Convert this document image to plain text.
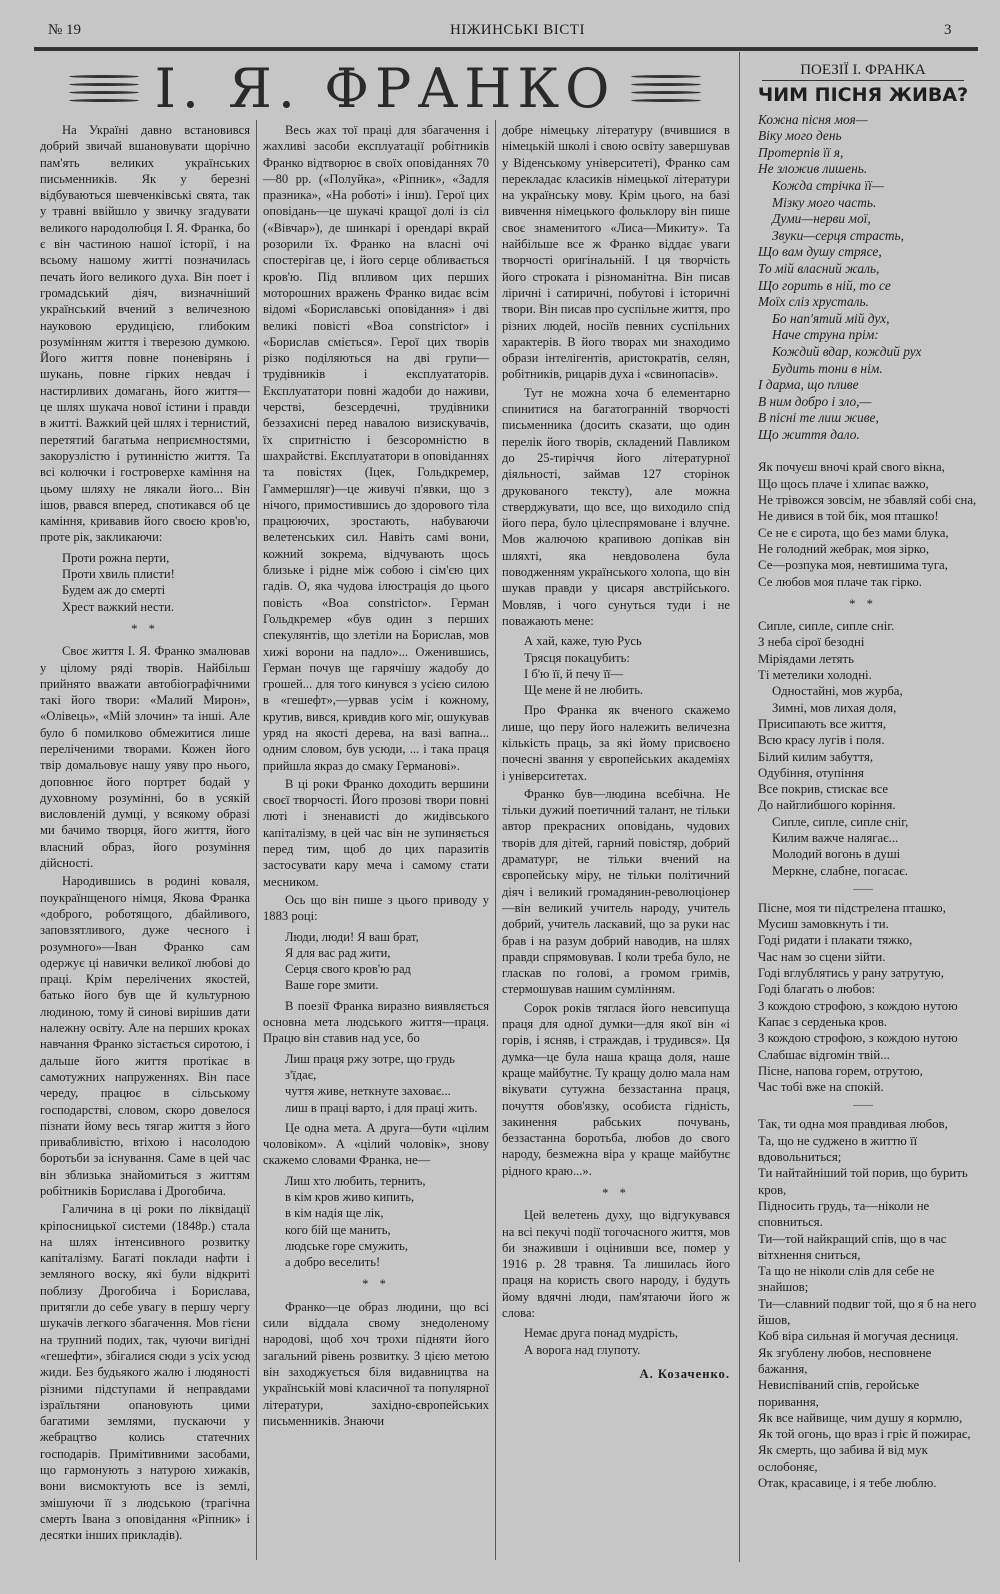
№ 19	НІЖИНСЬКІ ВІСТІ	3
І. Я. ФРАНКО

На Україні давно встановився добрий звичай вшановувати щорічно пам'ять великих українських письменників. Як у березні відбуваються шевченківські свята, так у травні ввійшло у звичку згадувати великого народолюбця І. Я. Франка, бо є він частиною нашої історії, і на всьому нашому житті позначилась печать його великого духа. Він поет і громадський діяч, визначніший український вчений з величезною науковою ерудицією, глибоким розумінням життя і тверезою думкою. Його життя повне поневірянь і шукань, повне гірких невдач і настирливих домагань, його життя—це шлях шукача нової істини і правди в житті. Важкий цей шлях і тернистий, перетятий багатьма неприємностями, закорузлістю і рутинністю життя. Та всі колючки і гостроверхе каміння на цьому шляху не лякали його... Він ішов, рвався вперед, спотикався об це каміння, кривавив його своєю кров'ю, проте рік, закликаючи:

Проти рожна перти,
Проти хвиль плисти!
Будем аж до смерті
Хрест важкий нести.
* *

Своє життя І. Я. Франко змалював у цілому ряді творів. Найбільш прийнято вважати автобіографічними такі його твори: «Малий Мирон», «Олівець», «Мій злочин» та інші. Але було б помилково обмежитися лише переліченими творами. Кожен його твір домальовує нашу уяву про нього, доповнює його портрет бодай у духовному розумінні, бо в усякій висловленій думці, у всякому образі ми бачимо творця, його життя, його власний образ, його розуміння дійсності.

Народившись в родині коваля, поукраїнщеного німця, Якова Франка «доброго, роботящого, дбайливого, заповзятливого, дуже чесного і розумного»—Іван Франко сам одержує ці навички великої любові до праці. Крім перелічених якостей, батько його був ще й культурною людиною, тому й синові вирішив дати належну освіту. Але на перших кроках навчання Франко зістається сиротою, і дальше його життя протікає в самотужних напруженнях. Він пасе череду, працює в сільському господарстві, словом, скоро довелося пізнати йому весь тягар життя з його привабливістю, втіхою і насолодою боротьби за існування. Саме в цей час він зблизька знайомиться з життям робітників Борислава і Дрогобича.

Галичина в ці роки по ліквідації кріпосницької системи (1848р.) стала на шлях інтенсивного розвитку капіталізму. Багаті поклади нафти і земляного воску, які були відкриті поблизу Дрогобича і Борислава, притягли до себе увагу в першу чергу шукачів легкого збагачення. Мов гієни на трупний подих, так, чуючи вигідні «гешефти», збігалися сюди з усіх усюд жиди. Без будьякого жалю і людяності різними підступами й неправдами ізраїльтяни опановують цими багатими землями, пускаючи у жебрацтво колись статечних господарів. Примітивними засобами, що гармонують з натурою хижаків, вони висмоктують все із землі, змішуючи її з людською (трагічна смерть Івана з оповідання «Ріпник» і десятки інших прикладів).

Весь жах тої праці для збагачення і жахливі засоби експлуатації робітників Франко відтворює в своїх оповіданнях 70—80 рр. («Полуйка», «Ріпник», «Задля празника», «На роботі» і інш). Герої цих оповідань—це шукачі кращої долі із сіл («Вівчар»), де шинкарі і орендарі вкрай розорили їх. Франко на власні очі спостерігав це, і його серце обливається кров'ю. Під впливом цих перших моторошних вражень Франко видає всім відомі «Бориславські оповідання» і дві великі повісті «Boa constrictor» і «Борислав сміється». Герої цих творів різко поділяються на дві групи—трудівників і експлуататорів. Експлуататори повні жадоби до наживи, черстві, безсердечні, трудівники беззахисні перед навалою визискувачів, їх спритністю і безсоромністю в шахрайстві. Експлуататори в оповіданнях та повістях (Іцек, Гольдкремер, Гаммершляг)—це живучі п'явки, що з нічого, примостившись до здорового тіла працюючих, зростають, набуваючи велетенських сил. Навіть самі вони, кожний зокрема, відчувають щось близьке і рідне між собою і сім'єю цих гадів. О, яка чудова ілюстрація до цього повість «Boa constrictor». Герман Гольдкремер «був один з перших спекулянтів, що злетіли на Борислав, мов хижі ворони на падло»... Оженившись, Герман почув ще гарячішу жадобу до грошей... для того кинувся з усією силою в «гешефт»,—урвав усім і кожному, крутив, вився, кривдив кого міг, ошукував уряд на якості дерева, на вазі вапна... одним словом, був усюди, ... і така праця прийшла якраз до смаку Германові».

В ці роки Франко доходить вершини своєї творчості. Його прозові твори повні люті і зненависті до жидівського капіталізму, в цей час він не зупиняється перед тим, щоб до цих паразитів застосувати кару меча і самому стати месником.

Ось що він пише з цього приводу у 1883 році:

Люди, люди! Я ваш брат,
Я для вас рад жити,
Серця свого кров'ю рад
Ваше горе змити.

В поезії Франка виразно виявляється основна мета людського життя—праця. Працю він ставив над усе, бо

Лиш праця ржу зотре, що грудь з'їдає,
чуття живе, неткнуте заховає...
лиш в праці варто, і для праці жить.

Це одна мета. А друга—бути «цілим чоловіком». А «цілий чоловік», знову скажемо словами Франка, не—

Лиш хто любить, тернить,
в кім кров живо кипить,
в кім надія ще лік,
кого бій ще манить,
людське горе смужить,
а добро веселить!
* *

Франко—це образ людини, що всі сили віддала свому знедоленому народові, щоб хоч трохи підняти його загальний рівень розвитку. З цією метою він заходжується біля видавництва на українській мові класичної та популярної літератури, західно-європейських письменників. Знаючи

добре німецьку літературу (вчившися в німецькій школі і свою освіту завершував у Віденському університеті), Франко сам перекладає класиків німецької літератури на українську мову. Крім цього, на базі вивчення німецького фольклору він пише своє знаменитого «Лиса—Микиту». Та найбільше все ж Франко віддає уваги творчості оригінальній. І ця творчість його строката і різноманітна. Він писав ліричні і сатиричні, побутові і історичні твори. Він писав про суспільне життя, про різних людей, носіїв певних суспільних характерів. В його творах ми знаходимо образи інтелігентів, аристократів, селян, робітників, рицарів духа і «свинопасів».

Тут не можна хоча б елементарно спинитися на багатогранній творчості письменника (досить сказати, що один перелік його творів, складений Павликом до 25-тиріччя його літературної діяльності, займав 127 сторінок друкованого тексту), але можна стверджувати, що все, що виходило спід його пера, було цілеспрямоване і влучне. Мов жалючою крапивою допікав він шляхті, яка невдоволена була поводженням українського холопа, що він шукав правди у цисаря австрійського. Мовляв, і чого сунуться туди і не поважають мене:

А хай, каже, тую Русь
Трясця покацубить:
І б'ю її, й печу її—
Ще мене й не любить.

Про Франка як вченого скажемо лише, що перу його належить величезна кількість праць, за які йому присвоєно почесні звання у європейських академіях і університетах.

Франко був—людина всебічна. Не тільки дужий поетичний талант, не тільки автор прекрасних оповідань, чудових творів для дітей, гарний повістяр, добрий драматург, не тільки вчений на європейську міру, не тільки політичний діяч і великий громадянин-революціонер—він великий учитель народу, учитель добрий, учитель ласкавий, що за руки нас брав і на разум добрий наводив, на шлях правди спрямовував. І коли треба було, не гласкав по голові, а громом гримів, стермошував нашим сумлінням.

Сорок років тяглася його невсипуща праця для одної думки—для якої він «і горів, і ясняв, і страждав, і трудився». Ця думка—це була наша краща доля, наше краще майбутнє. Ту кращу долю мала нам вікувати сутужна беззастанна праця, почуття обов'язку, особиста гідність, закинення рабських почувань, беззастанна боротьба, любов до свого народу, безмежна віра у краще майбутнє рідного краю...».

* *

Цей велетень духу, що відгукувався на всі пекучі події тогочасного життя, мов би знаживши і оцінивши все, помер у 1916 р. 28 травня. Та лишилась його праця на користь свого народу, і будуть йому вдячні люди, пам'ятаючи його ж слова:

Немає друга понад мудрість,
А ворога над глупоту.
А. Козаченко.
ПОЕЗІЇ І. ФРАНКА
ЧИМ ПІСНЯ ЖИВА?
Кожна пісня моя—
Віку мого день
Протерпів її я,
Не зложив лишень.
Кожда стрічка її—
Мізку мого часть.
Думи—нерви мої,
Звуки—серця страсть,
Що вам душу стрясе,
То мій власний жаль,
Що горить в ній, то се
Моїх сліз хрусталь.
Бо нап'ятий мій дух,
Наче струна прім:
Кождий вдар, кождий рух
Будить тони в нім.
І дарма, що пливе
В ним добро і зло,—
В пісні те лиш живе,
Що життя дало.
Як почуєш вночі край свого вікна,
Що щось плаче і хлипає важко,
Не трівожся зовсім, не збавляй собі сна,
Не дивися в той бік, моя пташко!
Се не є сирота, що без мами блука,
Не голодний жебрак, моя зірко,
Се—розпука моя, невтишима туга,
Се любов моя плаче так гірко.
* *
Сипле, сипле, сипле сніг.
З неба сірої безодні
Міріядами летять
Ті метелики холодні.
Одностайні, мов журба,
Зимні, мов лихая доля,
Присипають все життя,
Всю красу лугів і поля.
Білий килим забуття,
Одубіння, отупіння
Все покрив, стискає все
До найглибшого коріння.
Сипле, сипле, сипле сніг,
Килим важче налягає...
Молодий вогонь в душі
Меркне, слабне, погасає.
Пісне, моя ти підстрелена пташко,
Мусиш замовкнуть і ти.
Годі ридати і плакати тяжко,
Час нам зо сцени зійти.
Годі вглублятись у рану затрутую,
Годі благать о любов:
З кождою строфою, з кождою нутою
Капає з серденька кров.
З кождою строфою, з кождою нутою
Слабшає відгомін твій...
Пісне, напова горем, отрутою,
Час тобі вже на спокій.
Так, ти одна моя правдивая любов,
Та, що не суджено в життю її вдовольниться;
Ти найтайніший той порив, що бурить кров,
Підносить грудь, та—ніколи не сповниться.
Ти—той найкращий спів, що в час вітхнення сниться,
Та що не ніколи слів для себе не знайшов;
Ти—славний подвиг той, що я б на него йшов,
Коб віра сильная й могучая десниця.
Як згублену любов, несповнене бажання,
Невиспіваний спів, геройське поривання,
Як все найвище, чим душу я кормлю,
Як той огонь, що враз і гріє й пожирає,
Як смерть, що забива й від мук ослобоняє,
Отак, красавице, і я тебе люблю.
